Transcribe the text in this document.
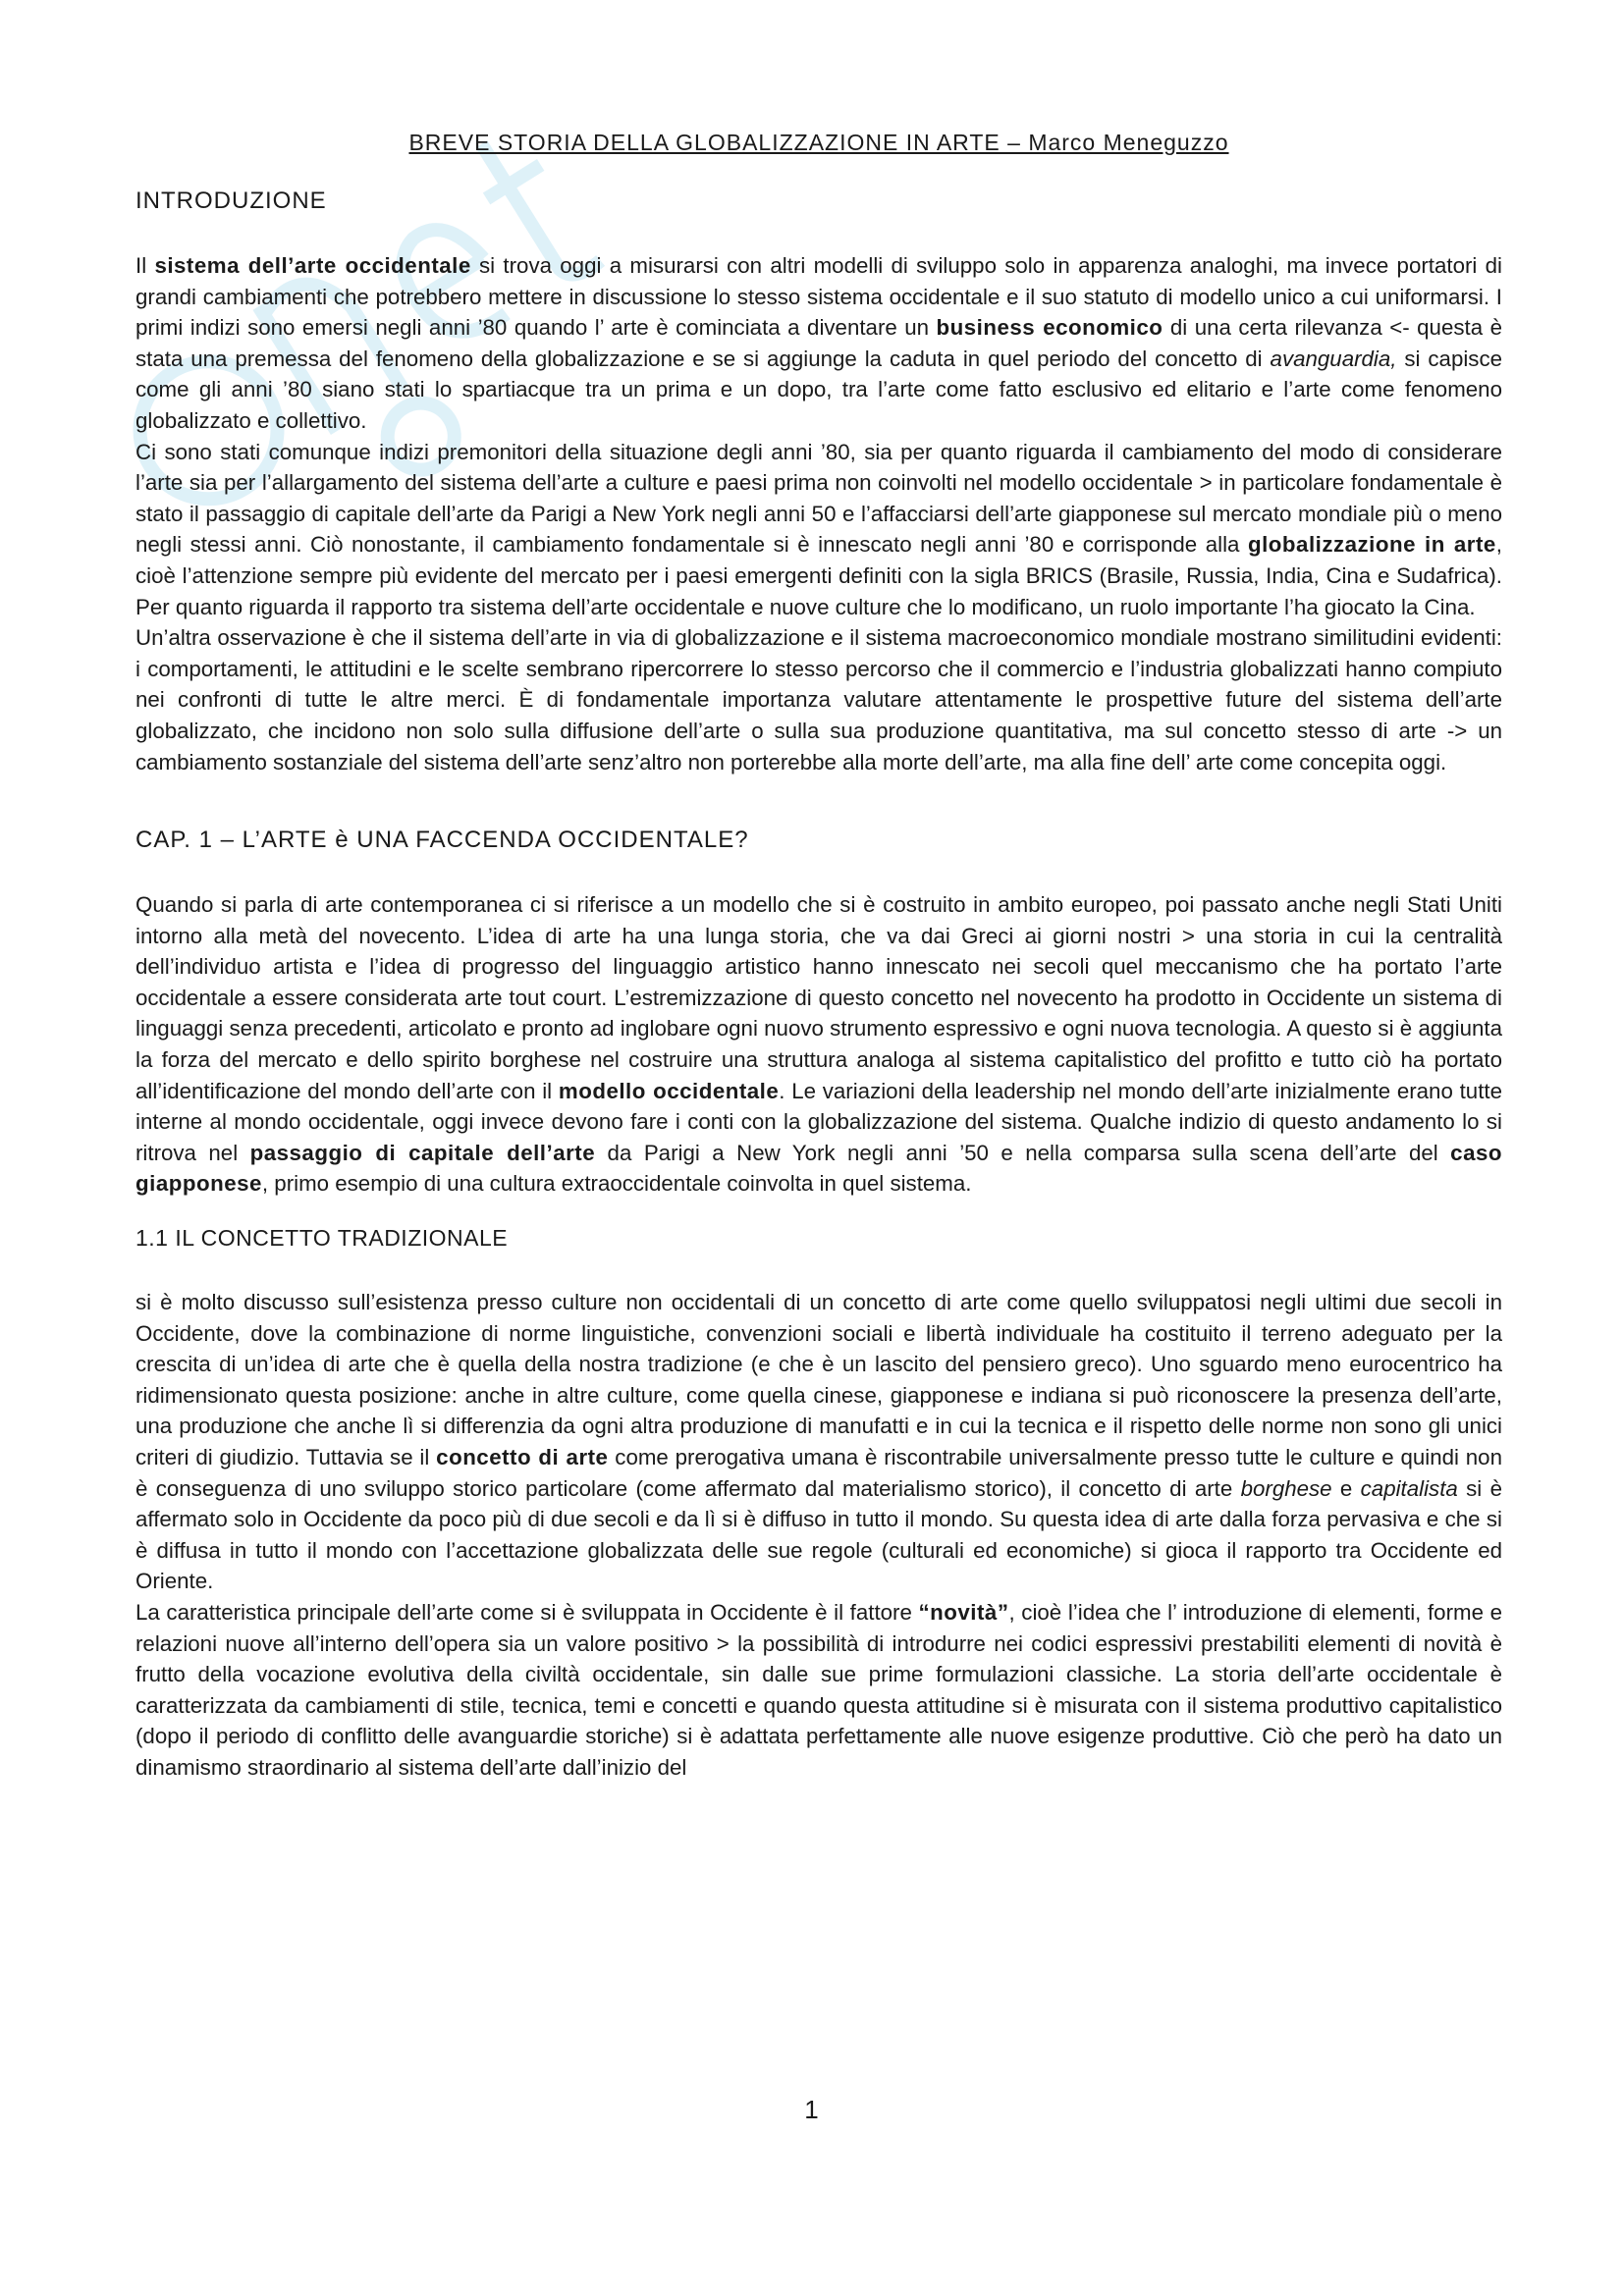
BREVE STORIA DELLA GLOBALIZZAZIONE IN ARTE – Marco Meneguzzo
INTRODUZIONE

Il sistema dell’arte occidentale si trova oggi a misurarsi con altri modelli di sviluppo solo in apparenza analoghi, ma invece portatori di grandi cambiamenti che potrebbero mettere in discussione lo stesso sistema occidentale e il suo statuto di modello unico a cui uniformarsi. I primi indizi sono emersi negli anni ’80 quando l’ arte è cominciata a diventare un business economico di una certa rilevanza <- questa è stata una premessa del fenomeno della globalizzazione e se si aggiunge la caduta in quel periodo del concetto di avanguardia, si capisce come gli anni ’80 siano stati lo spartiacque tra un prima e un dopo, tra l’arte come fatto esclusivo ed elitario e l’arte come fenomeno globalizzato e collettivo.

Ci sono stati comunque indizi premonitori della situazione degli anni ’80, sia per quanto riguarda il cambiamento del modo di considerare l’arte sia per l’allargamento del sistema dell’arte a culture e paesi prima non coinvolti nel modello occidentale > in particolare fondamentale è stato il passaggio di capitale dell’arte da Parigi a New York negli anni 50 e l’affacciarsi dell’arte giapponese sul mercato mondiale più o meno negli stessi anni. Ciò nonostante, il cambiamento fondamentale si è innescato negli anni ’80 e corrisponde alla globalizzazione in arte, cioè l’attenzione sempre più evidente del mercato per i paesi emergenti definiti con la sigla BRICS (Brasile, Russia, India, Cina e Sudafrica). Per quanto riguarda il rapporto tra sistema dell’arte occidentale e nuove culture che lo modificano, un ruolo importante l’ha giocato la Cina.

Un’altra osservazione è che il sistema dell’arte in via di globalizzazione e il sistema macroeconomico mondiale mostrano similitudini evidenti: i comportamenti, le attitudini e le scelte sembrano ripercorrere lo stesso percorso che il commercio e l’industria globalizzati hanno compiuto nei confronti di tutte le altre merci. È di fondamentale importanza valutare attentamente le prospettive future del sistema dell’arte globalizzato, che incidono non solo sulla diffusione dell’arte o sulla sua produzione quantitativa, ma sul concetto stesso di arte -> un cambiamento sostanziale del sistema dell’arte senz’altro non porterebbe alla morte dell’arte, ma alla fine dell’ arte come concepita oggi.

CAP. 1 – L’ARTE è UNA FACCENDA OCCIDENTALE?

Quando si parla di arte contemporanea ci si riferisce a un modello che si è costruito in ambito europeo, poi passato anche negli Stati Uniti intorno alla metà del novecento. L’idea di arte ha una lunga storia, che va dai Greci ai giorni nostri > una storia in cui la centralità dell’individuo artista e l’idea di progresso del linguaggio artistico hanno innescato nei secoli quel meccanismo che ha portato l’arte occidentale a essere considerata arte tout court. L’estremizzazione di questo concetto nel novecento ha prodotto in Occidente un sistema di linguaggi senza precedenti, articolato e pronto ad inglobare ogni nuovo strumento espressivo e ogni nuova tecnologia. A questo si è aggiunta la forza del mercato e dello spirito borghese nel costruire una struttura analoga al sistema capitalistico del profitto e tutto ciò ha portato all’identificazione del mondo dell’arte con il modello occidentale. Le variazioni della leadership nel mondo dell’arte inizialmente erano tutte interne al mondo occidentale, oggi invece devono fare i conti con la globalizzazione del sistema. Qualche indizio di questo andamento lo si ritrova nel passaggio di capitale dell’arte da Parigi a New York negli anni ’50 e nella comparsa sulla scena dell’arte del caso giapponese, primo esempio di una cultura extraoccidentale coinvolta in quel sistema.

1.1 IL CONCETTO TRADIZIONALE

si è molto discusso sull’esistenza presso culture non occidentali di un concetto di arte come quello sviluppatosi negli ultimi due secoli in Occidente, dove la combinazione di norme linguistiche, convenzioni sociali e libertà individuale ha costituito il terreno adeguato per la crescita di un’idea di arte che è quella della nostra tradizione (e che è un lascito del pensiero greco). Uno sguardo meno eurocentrico ha ridimensionato questa posizione: anche in altre culture, come quella cinese, giapponese e indiana si può riconoscere la presenza dell’arte, una produzione che anche lì si differenzia da ogni altra produzione di manufatti e in cui la tecnica e il rispetto delle norme non sono gli unici criteri di giudizio. Tuttavia se il concetto di arte come prerogativa umana è riscontrabile universalmente presso tutte le culture e quindi non è conseguenza di uno sviluppo storico particolare (come affermato dal materialismo storico), il concetto di arte borghese e capitalista si è affermato solo in Occidente da poco più di due secoli e da lì si è diffuso in tutto il mondo. Su questa idea di arte dalla forza pervasiva e che si è diffusa in tutto il mondo con l’accettazione globalizzata delle sue regole (culturali ed economiche) si gioca il rapporto tra Occidente ed Oriente.

La caratteristica principale dell’arte come si è sviluppata in Occidente è il fattore “novità”, cioè l’idea che l’ introduzione di elementi, forme e relazioni nuove all’interno dell’opera sia un valore positivo > la possibilità di introdurre nei codici espressivi prestabiliti elementi di novità è frutto della vocazione evolutiva della civiltà occidentale, sin dalle sue prime formulazioni classiche. La storia dell’arte occidentale è caratterizzata da cambiamenti di stile, tecnica, temi e concetti e quando questa attitudine si è misurata con il sistema produttivo capitalistico (dopo il periodo di conflitto delle avanguardie storiche) si è adattata perfettamente alle nuove esigenze produttive. Ciò che però ha dato un dinamismo straordinario al sistema dell’arte dall’inizio del

1
